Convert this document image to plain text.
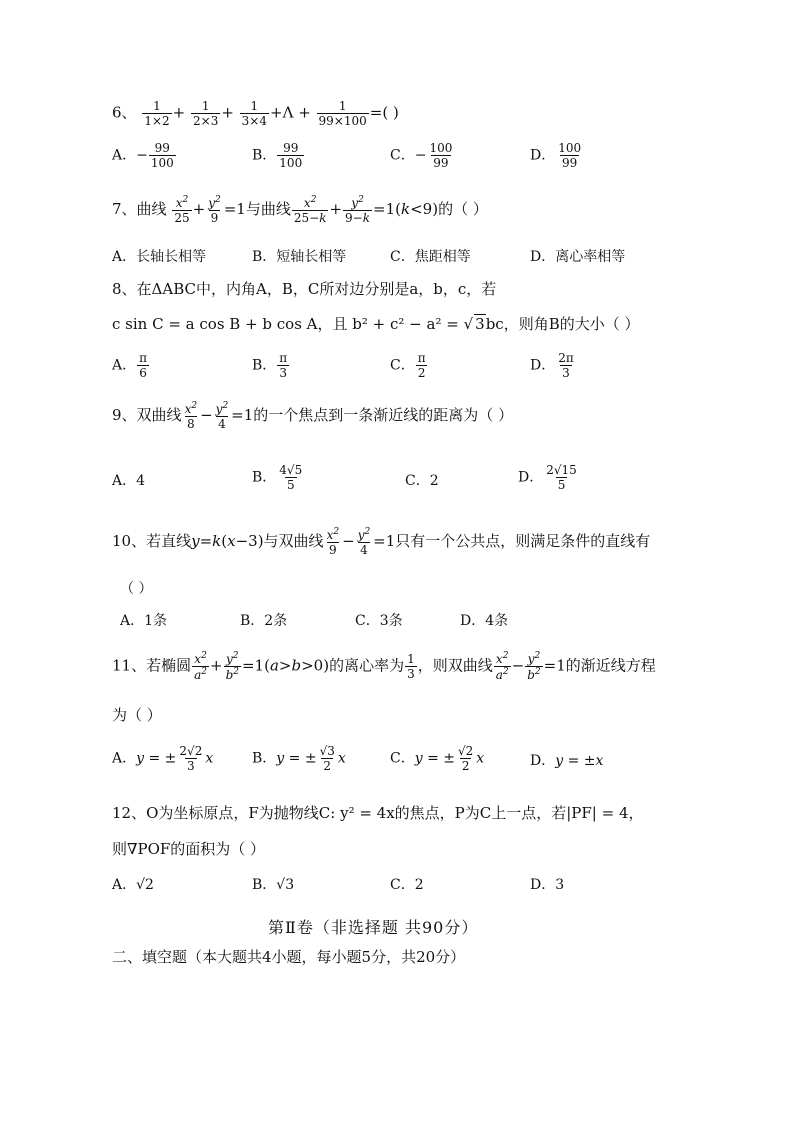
6、 $\frac{1}{1\times 2} + \frac{1}{2\times 3} + \frac{1}{3\times 4} +\Lambda + \frac{1}{99\times 100}$ =( )
A．− $\frac{99}{100}$	B． $\frac{99}{100}$	C．− $\frac{100}{99}$	D． $\frac{100}{99}$
7、曲线 $\frac{x^2}{25} + \frac{y^2}{9} =1$与曲线 $\frac{x^2}{25-k} + \frac{y^2}{9-k} =1(k<9)$的（ ）
A．长轴长相等	B．短轴长相等	C．焦距相等	D．离心率相等
8、在ΔABC中，内角A，B，C所对边分别是a，b，c，若
c sin C = a cos B + b cos A，且 b² + c² − a² = √ 3bc，则角B的大小（ ）
A． $\frac{\pi}{6}$	B． $\frac{\pi}{3}$	C． $\frac{\pi}{2}$	D． $\frac{2\pi}{3}$
9、双曲线 $\frac{x^2}{8} - \frac{y^2}{4} =1$的一个焦点到一条渐近线的距离为（ ）
A．4	B． $\frac{4√5}{5}$	C．2	D． $\frac{2√15}{5}$
10、若直线y=k(x−3)与双曲线 $\frac{x^2}{9} - \frac{y^2}{4} =1$只有一个公共点，则满足条件的直线有
（ ）
A．1条	B．2条	C．3条	D．4条
11、若椭圆 $\frac{x^2}{a^2} + \frac{y^2}{b^2} =1(a>b>0)$的离心率为 $\frac{1}{3}$ ，则双曲线 $\frac{x^2}{a^2} - \frac{y^2}{b^2} =1$的渐近线方程
为（ ）
A．y = ± $\frac{2√2}{3}$ x	B．y = ± $\frac{√3}{2}$ x	C．y = ± $\frac{√2}{2}$ x	D．y = ±x
12、O为坐标原点，F为抛物线C: y² = 4x的焦点，P为C上一点，若|PF| = 4，
则∇POF的面积为（ ）
A．√2	B．√3	C．2	D．3
第Ⅱ卷（非选择题 共90分）
二、填空题（本大题共4小题，每小题5分，共20分）
